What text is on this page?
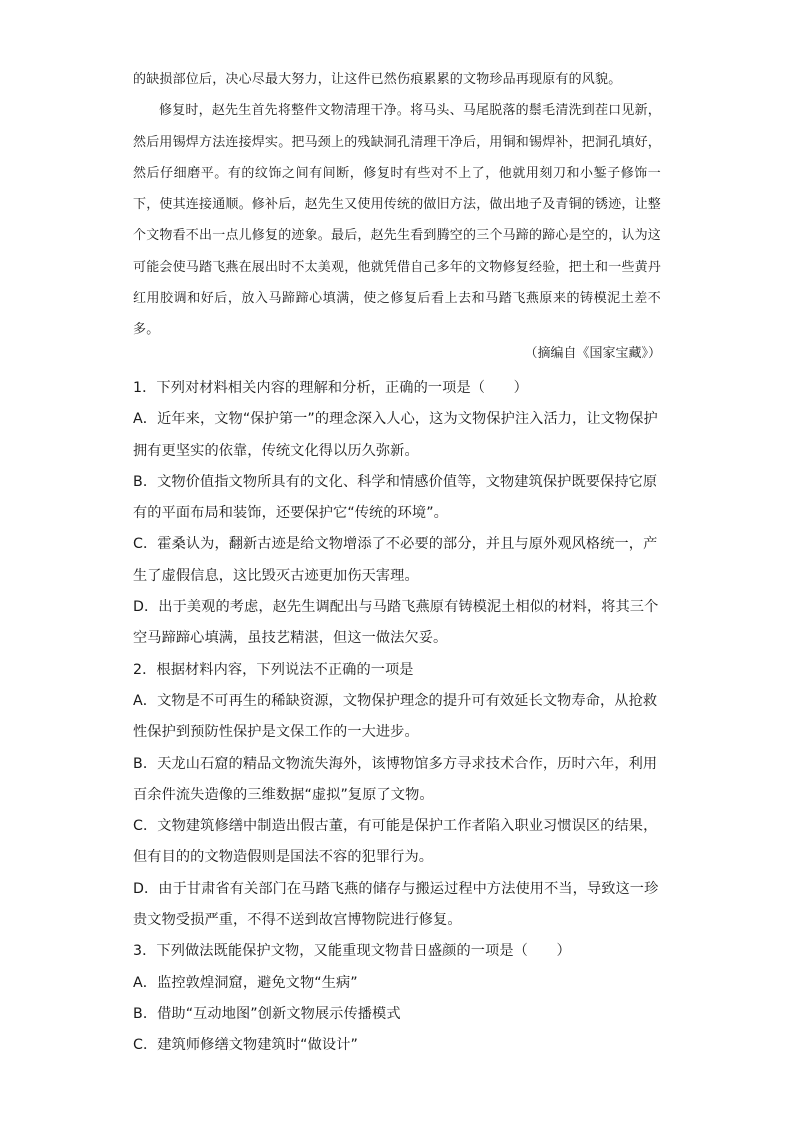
的缺损部位后，决心尽最大努力，让这件已然伤痕累累的文物珍品再现原有的风貌。

修复时，赵先生首先将整件文物清理干净。将马头、马尾脱落的鬃毛清洗到茬口见新，然后用锡焊方法连接焊实。把马颈上的残缺洞孔清理干净后，用铜和锡焊补，把洞孔填好，然后仔细磨平。有的纹饰之间有间断，修复时有些对不上了，他就用刻刀和小錾子修饰一下，使其连接通顺。修补后，赵先生又使用传统的做旧方法，做出地子及青铜的锈迹，让整个文物看不出一点儿修复的迹象。最后，赵先生看到腾空的三个马蹄的蹄心是空的，认为这可能会使马踏飞燕在展出时不太美观，他就凭借自己多年的文物修复经验，把土和一些黄丹红用胶调和好后，放入马蹄蹄心填满，使之修复后看上去和马踏飞燕原来的铸模泥土差不多。

（摘编自《国家宝藏》）
1．下列对材料相关内容的理解和分析，正确的一项是（　　）
A．近年来，文物“保护第一”的理念深入人心，这为文物保护注入活力，让文物保护拥有更坚实的依靠，传统文化得以历久弥新。
B．文物价值指文物所具有的文化、科学和情感价值等，文物建筑保护既要保持它原有的平面布局和装饰，还要保护它“传统的环境”。
C．霍桑认为，翻新古迹是给文物增添了不必要的部分，并且与原外观风格统一，产生了虚假信息，这比毁灭古迹更加伤天害理。
D．出于美观的考虑，赵先生调配出与马踏飞燕原有铸模泥土相似的材料，将其三个空马蹄蹄心填满，虽技艺精湛，但这一做法欠妥。
2．根据材料内容，下列说法不正确的一项是
A．文物是不可再生的稀缺资源，文物保护理念的提升可有效延长文物寿命，从抢救性保护到预防性保护是文保工作的一大进步。
B．天龙山石窟的精品文物流失海外，该博物馆多方寻求技术合作，历时六年，利用百余件流失造像的三维数据“虚拟”复原了文物。
C．文物建筑修缮中制造出假古董，有可能是保护工作者陷入职业习惯误区的结果，但有目的的文物造假则是国法不容的犯罪行为。
D．由于甘肃省有关部门在马踏飞燕的储存与搬运过程中方法使用不当，导致这一珍贵文物受损严重，不得不送到故宫博物院进行修复。
3．下列做法既能保护文物，又能重现文物昔日盛颜的一项是（　　）
A．监控敦煌洞窟，避免文物“生病”
B．借助“互动地图”创新文物展示传播模式
C．建筑师修缮文物建筑时“做设计”
